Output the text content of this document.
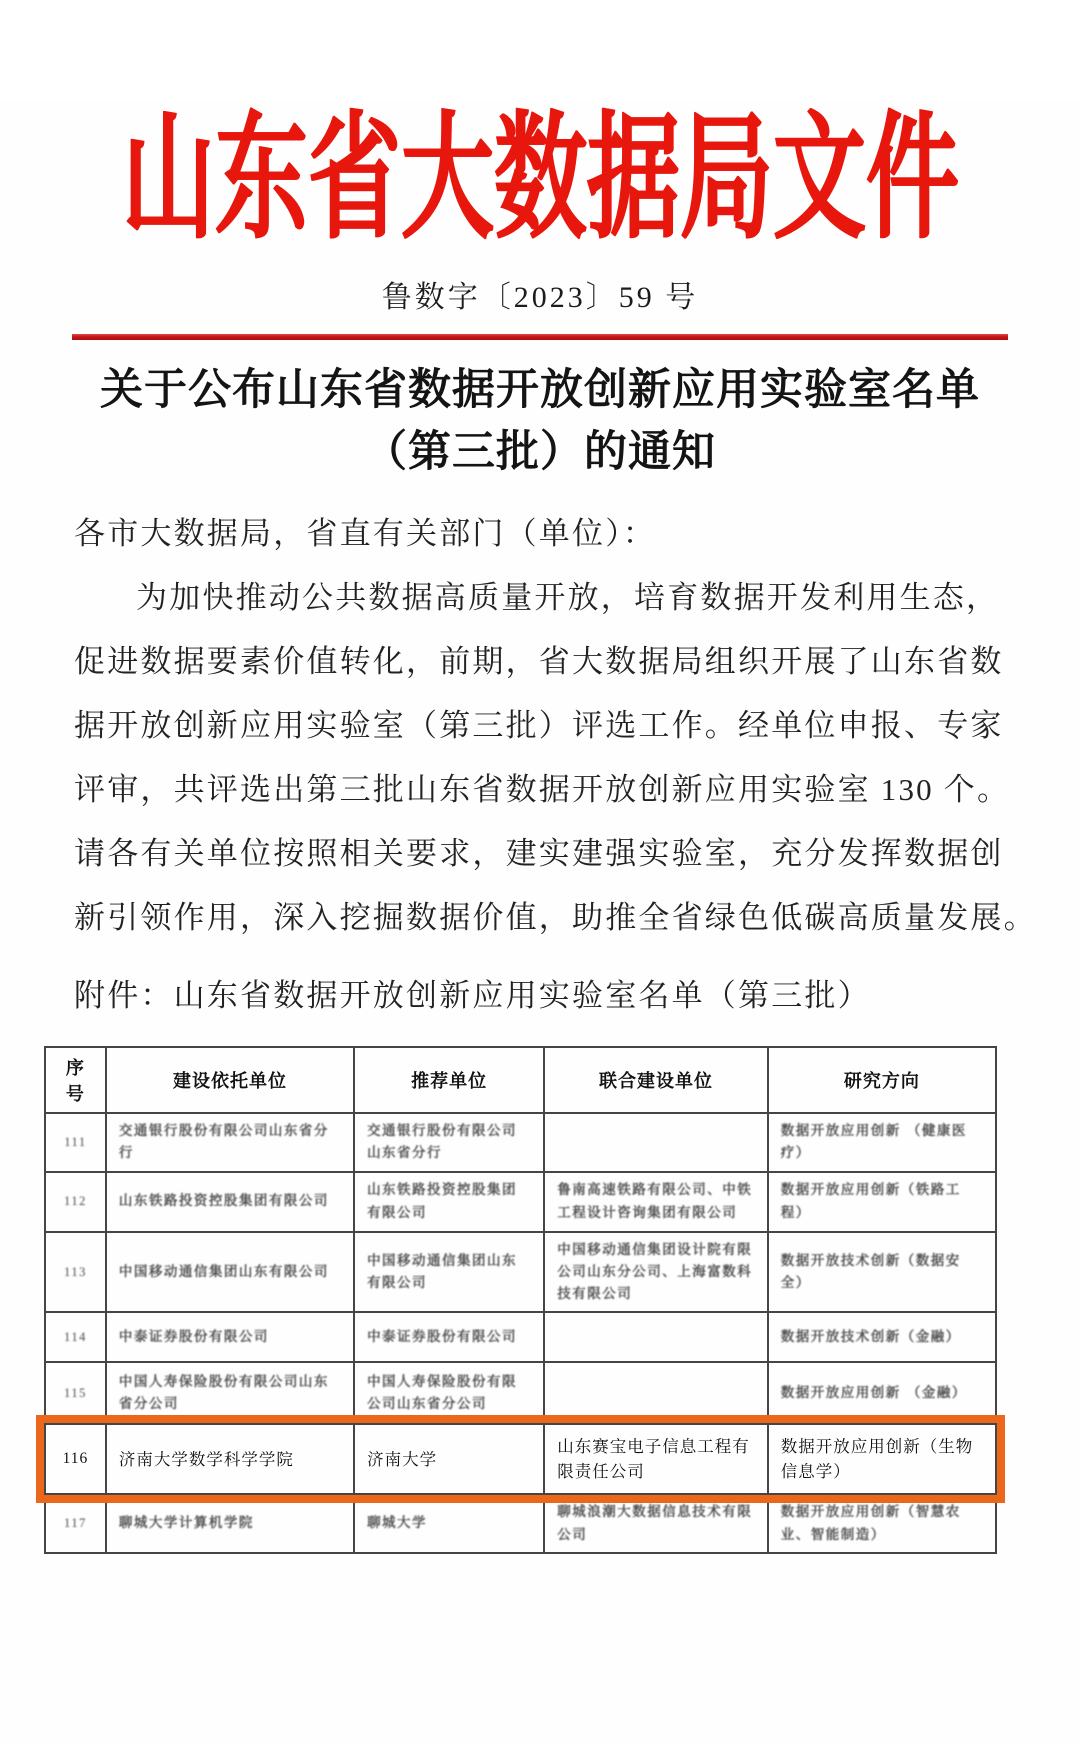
山东省大数据局文件
鲁数字〔2023〕59 号
关于公布山东省数据开放创新应用实验室名单
（第三批）的通知
各市大数据局，省直有关部门（单位）：
为加快推动公共数据高质量开放，培育数据开发利用生态，
促进数据要素价值转化，前期，省大数据局组织开展了山东省数
据开放创新应用实验室（第三批）评选工作。经单位申报、专家
评审，共评选出第三批山东省数据开放创新应用实验室 130 个。
请各有关单位按照相关要求，建实建强实验室，充分发挥数据创
新引领作用，深入挖掘数据价值，助推全省绿色低碳高质量发展。
附件：山东省数据开放创新应用实验室名单（第三批）
序号	建设依托单位	推荐单位	联合建设单位	研究方向
111	交通银行股份有限公司山东省分行	交通银行股份有限公司山东省分行		数据开放应用创新 （健康医疗）
112	山东铁路投资控股集团有限公司	山东铁路投资控股集团有限公司	鲁南高速铁路有限公司、中铁工程设计咨询集团有限公司	数据开放应用创新（铁路工程）
113	中国移动通信集团山东有限公司	中国移动通信集团山东有限公司	中国移动通信集团设计院有限公司山东分公司、上海富数科技有限公司	数据开放技术创新（数据安全）
114	中泰证券股份有限公司	中泰证券股份有限公司		数据开放技术创新（金融）
115	中国人寿保险股份有限公司山东省分公司	中国人寿保险股份有限公司山东省分公司		数据开放应用创新 （金融）
116	济南大学数学科学学院	济南大学	山东赛宝电子信息工程有限责任公司	数据开放应用创新（生物信息学）
117	聊城大学计算机学院	聊城大学	聊城浪潮大数据信息技术有限公司	数据开放应用创新（智慧农业、智能制造）
